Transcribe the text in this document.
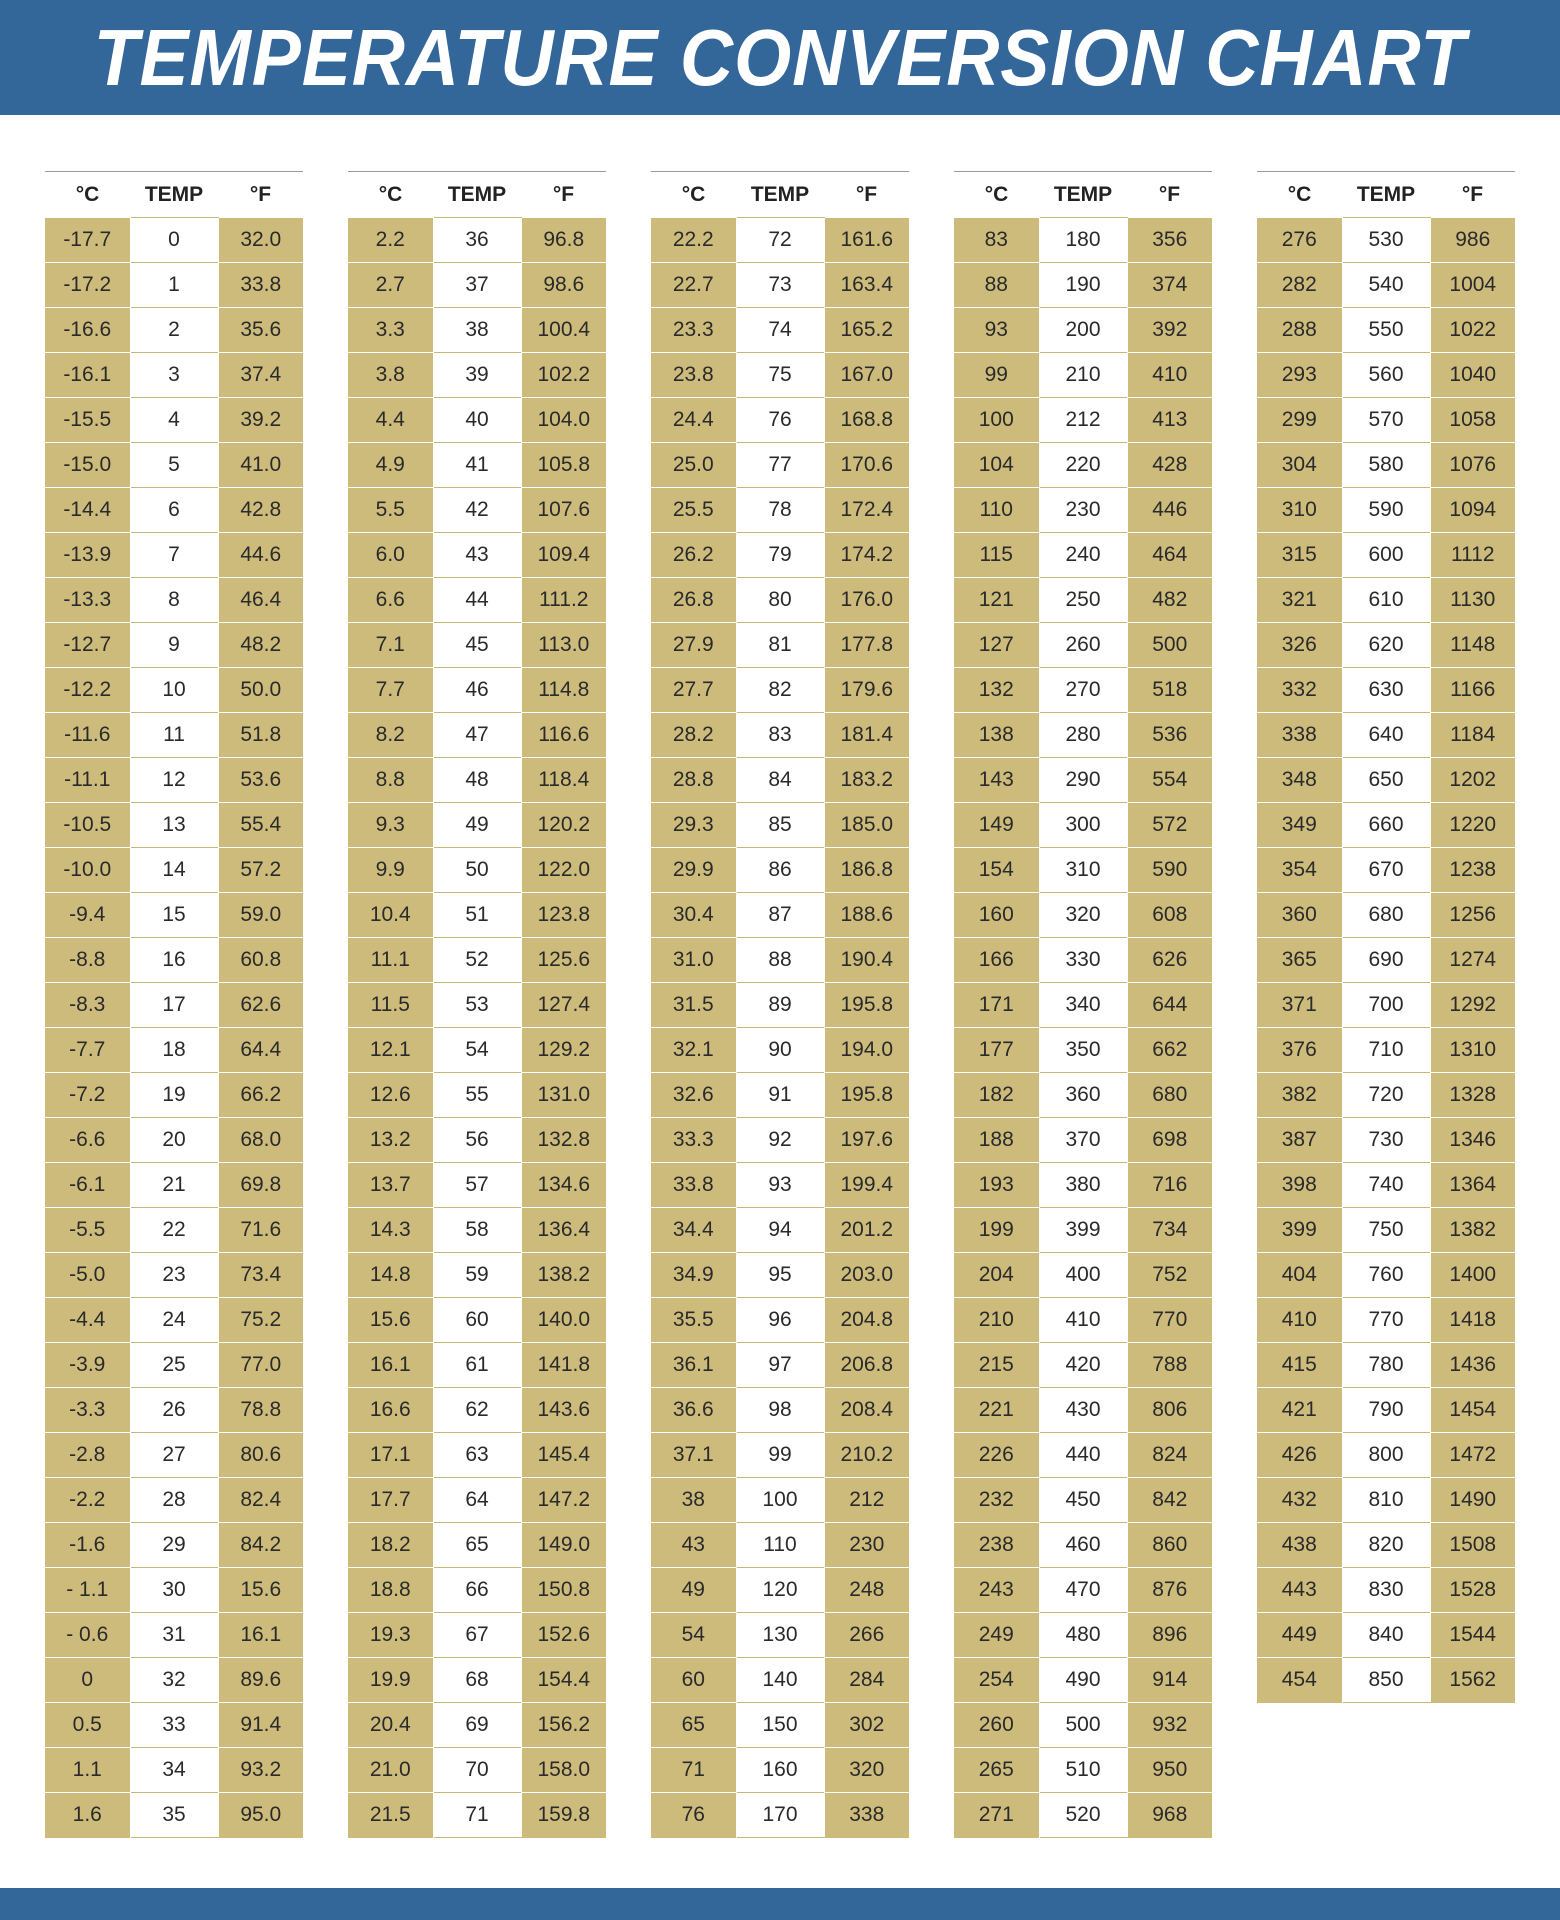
TEMPERATURE CONVERSION CHART
°C	TEMP	°F
-17.7	0	32.0
-17.2	1	33.8
-16.6	2	35.6
-16.1	3	37.4
-15.5	4	39.2
-15.0	5	41.0
-14.4	6	42.8
-13.9	7	44.6
-13.3	8	46.4
-12.7	9	48.2
-12.2	10	50.0
-11.6	11	51.8
-11.1	12	53.6
-10.5	13	55.4
-10.0	14	57.2
-9.4	15	59.0
-8.8	16	60.8
-8.3	17	62.6
-7.7	18	64.4
-7.2	19	66.2
-6.6	20	68.0
-6.1	21	69.8
-5.5	22	71.6
-5.0	23	73.4
-4.4	24	75.2
-3.9	25	77.0
-3.3	26	78.8
-2.8	27	80.6
-2.2	28	82.4
-1.6	29	84.2
- 1.1	30	15.6
- 0.6	31	16.1
0	32	89.6
0.5	33	91.4
1.1	34	93.2
1.6	35	95.0
°C	TEMP	°F
2.2	36	96.8
2.7	37	98.6
3.3	38	100.4
3.8	39	102.2
4.4	40	104.0
4.9	41	105.8
5.5	42	107.6
6.0	43	109.4
6.6	44	111.2
7.1	45	113.0
7.7	46	114.8
8.2	47	116.6
8.8	48	118.4
9.3	49	120.2
9.9	50	122.0
10.4	51	123.8
11.1	52	125.6
11.5	53	127.4
12.1	54	129.2
12.6	55	131.0
13.2	56	132.8
13.7	57	134.6
14.3	58	136.4
14.8	59	138.2
15.6	60	140.0
16.1	61	141.8
16.6	62	143.6
17.1	63	145.4
17.7	64	147.2
18.2	65	149.0
18.8	66	150.8
19.3	67	152.6
19.9	68	154.4
20.4	69	156.2
21.0	70	158.0
21.5	71	159.8
°C	TEMP	°F
22.2	72	161.6
22.7	73	163.4
23.3	74	165.2
23.8	75	167.0
24.4	76	168.8
25.0	77	170.6
25.5	78	172.4
26.2	79	174.2
26.8	80	176.0
27.9	81	177.8
27.7	82	179.6
28.2	83	181.4
28.8	84	183.2
29.3	85	185.0
29.9	86	186.8
30.4	87	188.6
31.0	88	190.4
31.5	89	195.8
32.1	90	194.0
32.6	91	195.8
33.3	92	197.6
33.8	93	199.4
34.4	94	201.2
34.9	95	203.0
35.5	96	204.8
36.1	97	206.8
36.6	98	208.4
37.1	99	210.2
38	100	212
43	110	230
49	120	248
54	130	266
60	140	284
65	150	302
71	160	320
76	170	338
°C	TEMP	°F
83	180	356
88	190	374
93	200	392
99	210	410
100	212	413
104	220	428
110	230	446
115	240	464
121	250	482
127	260	500
132	270	518
138	280	536
143	290	554
149	300	572
154	310	590
160	320	608
166	330	626
171	340	644
177	350	662
182	360	680
188	370	698
193	380	716
199	399	734
204	400	752
210	410	770
215	420	788
221	430	806
226	440	824
232	450	842
238	460	860
243	470	876
249	480	896
254	490	914
260	500	932
265	510	950
271	520	968
°C	TEMP	°F
276	530	986
282	540	1004
288	550	1022
293	560	1040
299	570	1058
304	580	1076
310	590	1094
315	600	1112
321	610	1130
326	620	1148
332	630	1166
338	640	1184
348	650	1202
349	660	1220
354	670	1238
360	680	1256
365	690	1274
371	700	1292
376	710	1310
382	720	1328
387	730	1346
398	740	1364
399	750	1382
404	760	1400
410	770	1418
415	780	1436
421	790	1454
426	800	1472
432	810	1490
438	820	1508
443	830	1528
449	840	1544
454	850	1562
